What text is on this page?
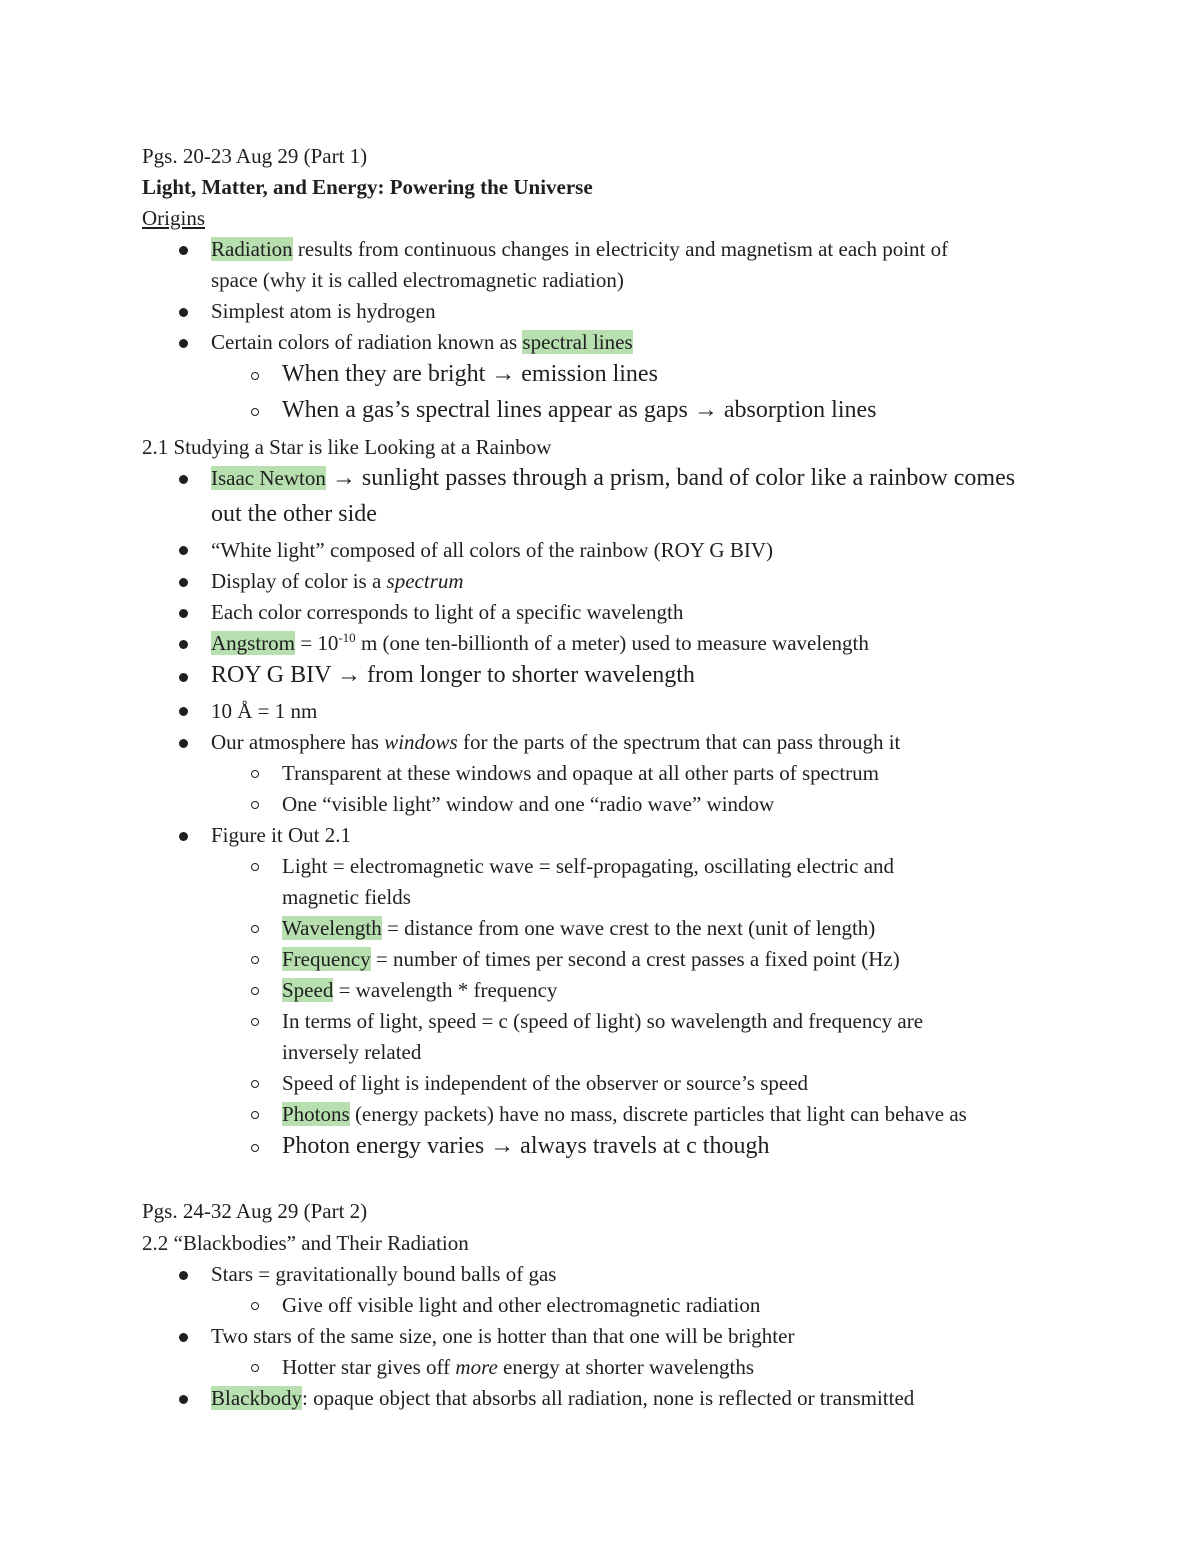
Pgs. 20-23 Aug 29 (Part 1)
Light, Matter, and Energy: Powering the Universe
Origins
Radiation results from continuous changes in electricity and magnetism at each point of
space (why it is called electromagnetic radiation)
Simplest atom is hydrogen
Certain colors of radiation known as spectral lines
When they are bright → emission lines
When a gas’s spectral lines appear as gaps → absorption lines
2.1 Studying a Star is like Looking at a Rainbow
Isaac Newton → sunlight passes through a prism, band of color like a rainbow comes
out the other side
“White light” composed of all colors of the rainbow (ROY G BIV)
Display of color is a spectrum
Each color corresponds to light of a specific wavelength
Angstrom = $10^{-10}$ m (one ten-billionth of a meter) used to measure wavelength
ROY G BIV → from longer to shorter wavelength
10 Å = 1 nm
Our atmosphere has windows for the parts of the spectrum that can pass through it
Transparent at these windows and opaque at all other parts of spectrum
One “visible light” window and one “radio wave” window
Figure it Out 2.1
Light = electromagnetic wave = self-propagating, oscillating electric and
magnetic fields
Wavelength = distance from one wave crest to the next (unit of length)
Frequency = number of times per second a crest passes a fixed point (Hz)
Speed = wavelength * frequency
In terms of light, speed = c (speed of light) so wavelength and frequency are
inversely related
Speed of light is independent of the observer or source’s speed
Photons (energy packets) have no mass, discrete particles that light can behave as
Photon energy varies → always travels at c though
Pgs. 24-32 Aug 29 (Part 2)
2.2 “Blackbodies” and Their Radiation
Stars = gravitationally bound balls of gas
Give off visible light and other electromagnetic radiation
Two stars of the same size, one is hotter than that one will be brighter
Hotter star gives off more energy at shorter wavelengths
Blackbody: opaque object that absorbs all radiation, none is reflected or transmitted
